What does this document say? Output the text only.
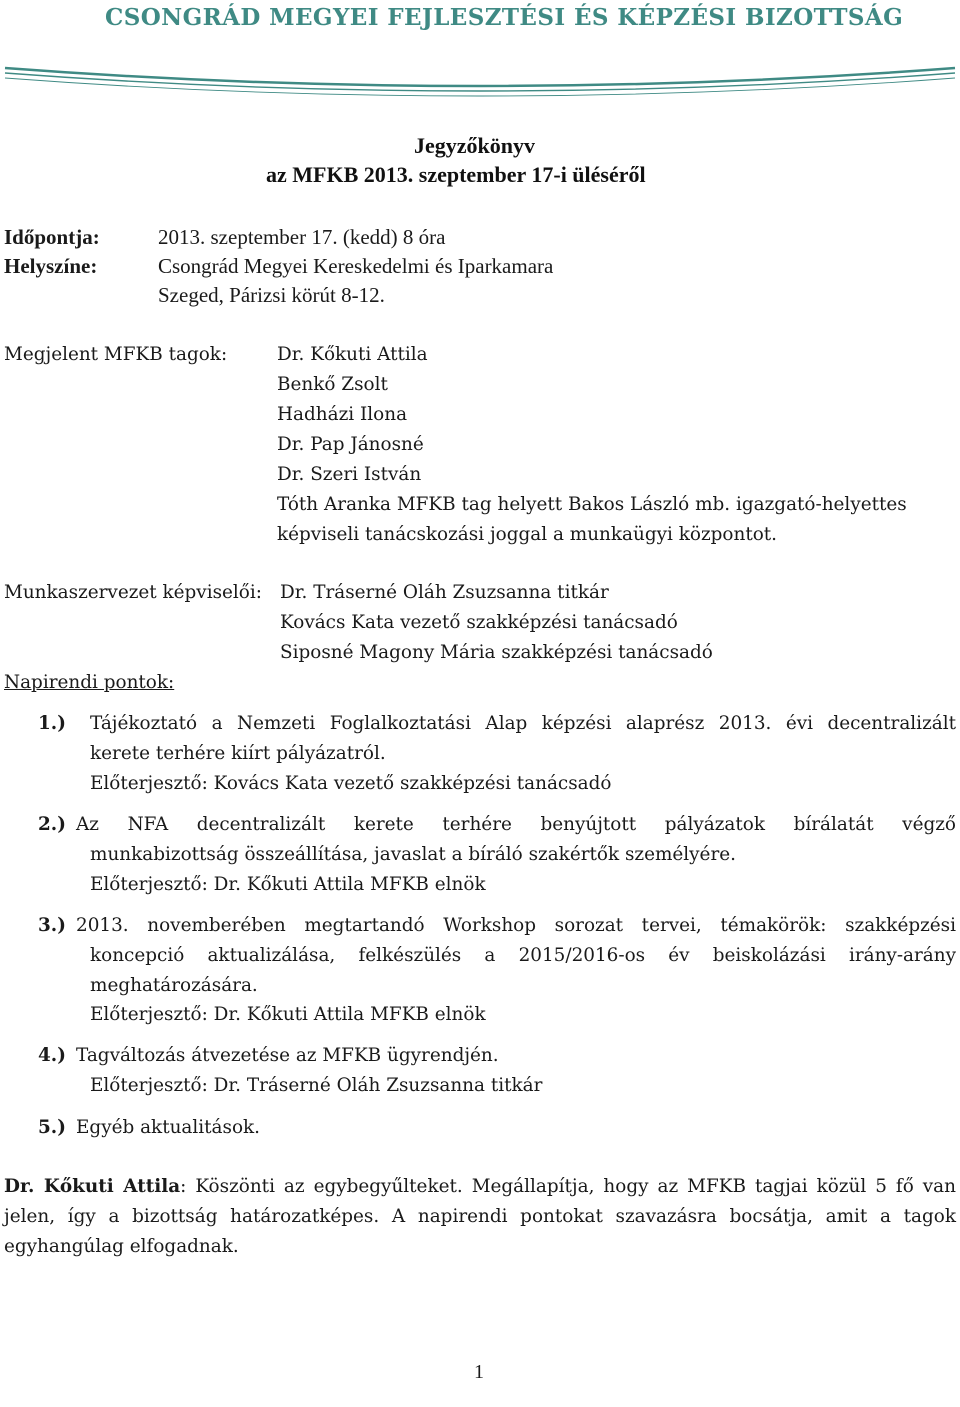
CSONGRÁD MEGYEI FEJLESZTÉSI ÉS KÉPZÉSI BIZOTTSÁG
Jegyzőkönyv
az MFKB 2013. szeptember 17-i üléséről
Időpontja:	2013. szeptember 17. (kedd) 8 óra
Helyszíne:	Csongrád Megyei Kereskedelmi és Iparkamara
Szeged, Párizsi körút 8-12.
Megjelent MFKB tagok:	Dr. Kőkuti Attila
Benkő Zsolt
Hadházi Ilona
Dr. Pap Jánosné
Dr. Szeri István
Tóth Aranka MFKB tag helyett Bakos László mb. igazgató-helyettes
képviseli tanácskozási joggal a munkaügyi központot.
Munkaszervezet képviselői: Dr. Tráserné Oláh Zsuzsanna titkár
Kovács Kata vezető szakképzési tanácsadó
Siposné Magony Mária szakképzési tanácsadó
Napirendi pontok:
1.) Tájékoztató a Nemzeti Foglalkoztatási Alap képzési alaprész 2013. évi decentralizált
kerete terhére kiírt pályázatról.
Előterjesztő: Kovács Kata vezető szakképzési tanácsadó
2.) Az NFA decentralizált kerete terhére benyújtott pályázatok bírálatát végző
munkabizottság összeállítása, javaslat a bíráló szakértők személyére.
Előterjesztő: Dr. Kőkuti Attila MFKB elnök
3.) 2013. novemberében megtartandó Workshop sorozat tervei, témakörök: szakképzési
koncepció aktualizálása, felkészülés a 2015/2016-os év beiskolázási irány-arány
meghatározására.
Előterjesztő: Dr. Kőkuti Attila MFKB elnök
4.) Tagváltozás átvezetése az MFKB ügyrendjén.
Előterjesztő: Dr. Tráserné Oláh Zsuzsanna titkár
5.) Egyéb aktualitások.
Dr. Kőkuti Attila: Köszönti az egybegyűlteket. Megállapítja, hogy az MFKB tagjai közül 5 fő van
jelen, így a bizottság határozatképes. A napirendi pontokat szavazásra bocsátja, amit a tagok
egyhangúlag elfogadnak.
1
